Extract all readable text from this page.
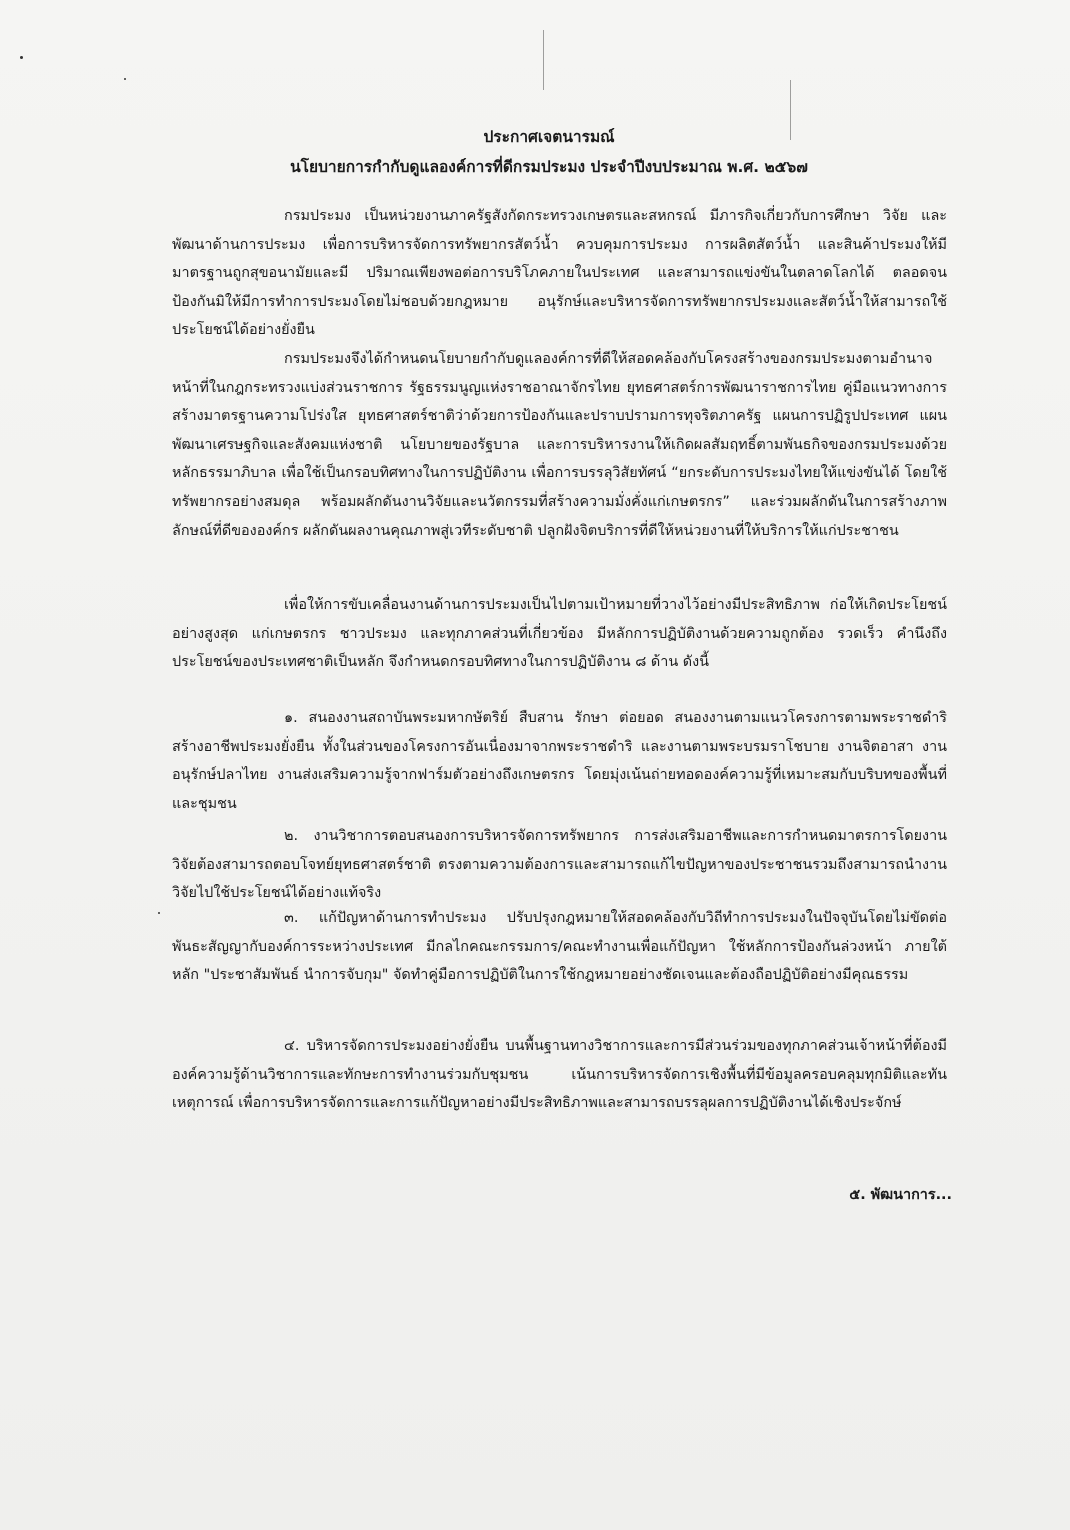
ประกาศเจตนารมณ์
นโยบายการกำกับดูแลองค์การที่ดีกรมประมง ประจำปีงบประมาณ พ.ศ. ๒๕๖๗

กรมประมง เป็นหน่วยงานภาครัฐสังกัดกระทรวงเกษตรและสหกรณ์ มีภารกิจเกี่ยวกับการศึกษา วิจัย และพัฒนาด้านการประมง เพื่อการบริหารจัดการทรัพยากรสัตว์น้ำ ควบคุมการประมง การผลิตสัตว์น้ำ และสินค้าประมงให้มีมาตรฐานถูกสุขอนามัยและมี ปริมาณเพียงพอต่อการบริโภคภายในประเทศ และสามารถแข่งขันในตลาดโลกได้ ตลอดจนป้องกันมิให้มีการทำการประมงโดยไม่ชอบด้วยกฎหมาย อนุรักษ์และบริหารจัดการทรัพยากรประมงและสัตว์น้ำให้สามารถใช้ประโยชน์ได้อย่างยั่งยืน

กรมประมงจึงได้กำหนดนโยบายกำกับดูแลองค์การที่ดีให้สอดคล้องกับโครงสร้างของกรมประมงตามอำนาจหน้าที่ในกฎกระทรวงแบ่งส่วนราชการ รัฐธรรมนูญแห่งราชอาณาจักรไทย ยุทธศาสตร์การพัฒนาราชการไทย คู่มือแนวทางการสร้างมาตรฐานความโปร่งใส ยุทธศาสตร์ชาติว่าด้วยการป้องกันและปราบปรามการทุจริตภาครัฐ แผนการปฏิรูปประเทศ แผนพัฒนาเศรษฐกิจและสังคมแห่งชาติ นโยบายของรัฐบาล และการบริหารงานให้เกิดผลสัมฤทธิ์ตามพันธกิจของกรมประมงด้วยหลักธรรมาภิบาล เพื่อใช้เป็นกรอบทิศทางในการปฏิบัติงาน เพื่อการบรรลุวิสัยทัศน์ “ยกระดับการประมงไทยให้แข่งขันได้ โดยใช้ทรัพยากรอย่างสมดุล พร้อมผลักดันงานวิจัยและนวัตกรรมที่สร้างความมั่งคั่งแก่เกษตรกร” และร่วมผลักดันในการสร้างภาพลักษณ์ที่ดีขององค์กร ผลักดันผลงานคุณภาพสู่เวทีระดับชาติ ปลูกฝังจิตบริการที่ดีให้หน่วยงานที่ให้บริการให้แก่ประชาชน

เพื่อให้การขับเคลื่อนงานด้านการประมงเป็นไปตามเป้าหมายที่วางไว้อย่างมีประสิทธิภาพ ก่อให้เกิดประโยชน์อย่างสูงสุด แก่เกษตรกร ชาวประมง และทุกภาคส่วนที่เกี่ยวข้อง มีหลักการปฏิบัติงานด้วยความถูกต้อง รวดเร็ว คำนึงถึงประโยชน์ของประเทศชาติเป็นหลัก จึงกำหนดกรอบทิศทางในการปฏิบัติงาน ๘ ด้าน ดังนี้

๑. สนองงานสถาบันพระมหากษัตริย์ สืบสาน รักษา ต่อยอด สนองงานตามแนวโครงการตามพระราชดำริ สร้างอาชีพประมงยั่งยืน ทั้งในส่วนของโครงการอันเนื่องมาจากพระราชดำริ และงานตามพระบรมราโชบาย งานจิตอาสา งานอนุรักษ์ปลาไทย งานส่งเสริมความรู้จากฟาร์มตัวอย่างถึงเกษตรกร โดยมุ่งเน้นถ่ายทอดองค์ความรู้ที่เหมาะสมกับบริบทของพื้นที่และชุมชน

๒. งานวิชาการตอบสนองการบริหารจัดการทรัพยากร การส่งเสริมอาชีพและการกำหนดมาตรการโดยงานวิจัยต้องสามารถตอบโจทย์ยุทธศาสตร์ชาติ ตรงตามความต้องการและสามารถแก้ไขปัญหาของประชาชนรวมถึงสามารถนำงานวิจัยไปใช้ประโยชน์ได้อย่างแท้จริง

๓. แก้ปัญหาด้านการทำประมง ปรับปรุงกฎหมายให้สอดคล้องกับวิถีทำการประมงในปัจจุบันโดยไม่ขัดต่อพันธะสัญญากับองค์การระหว่างประเทศ มีกลไกคณะกรรมการ/คณะทำงานเพื่อแก้ปัญหา ใช้หลักการป้องกันล่วงหน้า ภายใต้หลัก "ประชาสัมพันธ์ นำการจับกุม" จัดทำคู่มือการปฏิบัติในการใช้กฎหมายอย่างชัดเจนและต้องถือปฏิบัติอย่างมีคุณธรรม

๔. บริหารจัดการประมงอย่างยั่งยืน บนพื้นฐานทางวิชาการและการมีส่วนร่วมของทุกภาคส่วนเจ้าหน้าที่ต้องมีองค์ความรู้ด้านวิชาการและทักษะการทำงานร่วมกับชุมชน เน้นการบริหารจัดการเชิงพื้นที่มีข้อมูลครอบคลุมทุกมิติและทันเหตุการณ์ เพื่อการบริหารจัดการและการแก้ปัญหาอย่างมีประสิทธิภาพและสามารถบรรลุผลการปฏิบัติงานได้เชิงประจักษ์

๕. พัฒนาการ...
